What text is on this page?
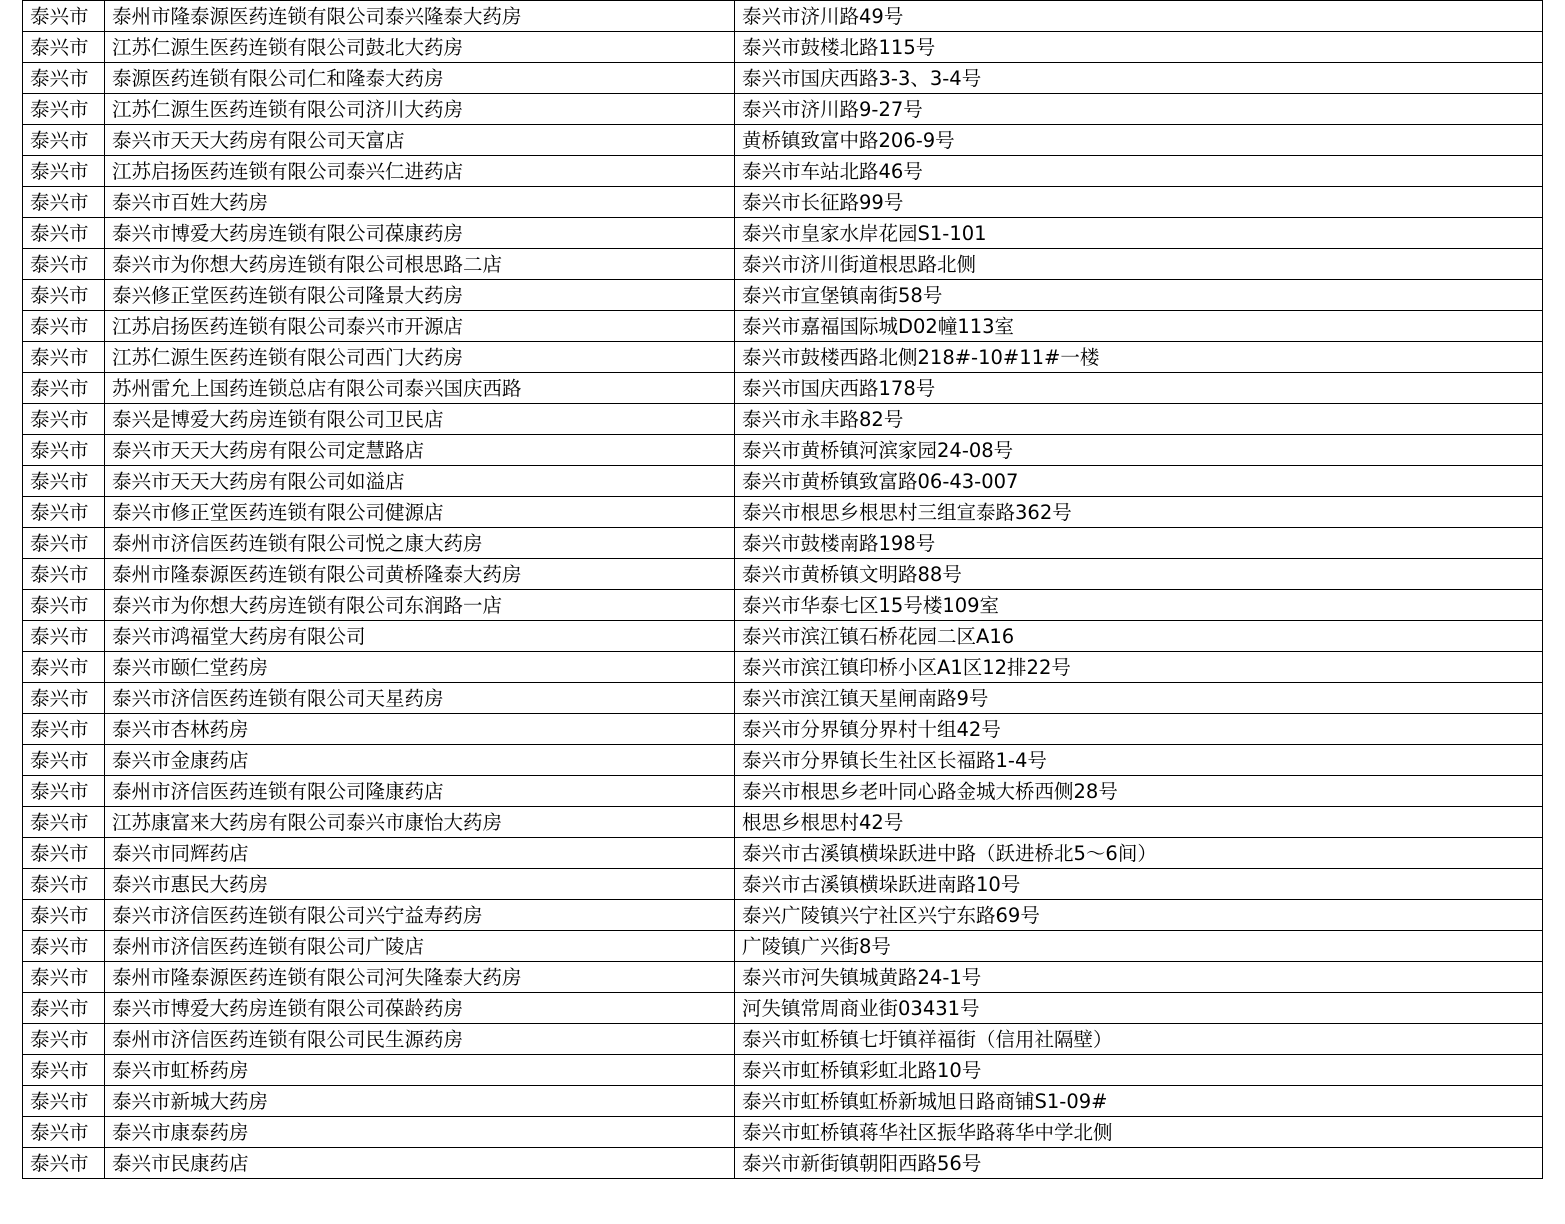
泰兴市	泰州市隆泰源医药连锁有限公司泰兴隆泰大药房	泰兴市济川路49号
泰兴市	江苏仁源生医药连锁有限公司鼓北大药房	泰兴市鼓楼北路115号
泰兴市	泰源医药连锁有限公司仁和隆泰大药房	泰兴市国庆西路3-3、3-4号
泰兴市	江苏仁源生医药连锁有限公司济川大药房	泰兴市济川路9-27号
泰兴市	泰兴市天天大药房有限公司天富店	黄桥镇致富中路206-9号
泰兴市	江苏启扬医药连锁有限公司泰兴仁进药店	泰兴市车站北路46号
泰兴市	泰兴市百姓大药房	泰兴市长征路99号
泰兴市	泰兴市博爱大药房连锁有限公司葆康药房	泰兴市皇家水岸花园S1-101
泰兴市	泰兴市为你想大药房连锁有限公司根思路二店	泰兴市济川街道根思路北侧
泰兴市	泰兴修正堂医药连锁有限公司隆景大药房	泰兴市宣堡镇南街58号
泰兴市	江苏启扬医药连锁有限公司泰兴市开源店	泰兴市嘉福国际城D02幢113室
泰兴市	江苏仁源生医药连锁有限公司西门大药房	泰兴市鼓楼西路北侧218#-10#11#一楼
泰兴市	苏州雷允上国药连锁总店有限公司泰兴国庆西路	泰兴市国庆西路178号
泰兴市	泰兴是博爱大药房连锁有限公司卫民店	泰兴市永丰路82号
泰兴市	泰兴市天天大药房有限公司定慧路店	泰兴市黄桥镇河滨家园24-08号
泰兴市	泰兴市天天大药房有限公司如溢店	泰兴市黄桥镇致富路06-43-007
泰兴市	泰兴市修正堂医药连锁有限公司健源店	泰兴市根思乡根思村三组宣泰路362号
泰兴市	泰州市济信医药连锁有限公司悦之康大药房	泰兴市鼓楼南路198号
泰兴市	泰州市隆泰源医药连锁有限公司黄桥隆泰大药房	泰兴市黄桥镇文明路88号
泰兴市	泰兴市为你想大药房连锁有限公司东润路一店	泰兴市华泰七区15号楼109室
泰兴市	泰兴市鸿福堂大药房有限公司	泰兴市滨江镇石桥花园二区A16
泰兴市	泰兴市颐仁堂药房	泰兴市滨江镇印桥小区A1区12排22号
泰兴市	泰兴市济信医药连锁有限公司天星药房	泰兴市滨江镇天星闸南路9号
泰兴市	泰兴市杏林药房	泰兴市分界镇分界村十组42号
泰兴市	泰兴市金康药店	泰兴市分界镇长生社区长福路1-4号
泰兴市	泰州市济信医药连锁有限公司隆康药店	泰兴市根思乡老叶同心路金城大桥西侧28号
泰兴市	江苏康富来大药房有限公司泰兴市康怡大药房	根思乡根思村42号
泰兴市	泰兴市同辉药店	泰兴市古溪镇横垛跃进中路（跃进桥北5～6间）
泰兴市	泰兴市惠民大药房	泰兴市古溪镇横垛跃进南路10号
泰兴市	泰兴市济信医药连锁有限公司兴宁益寿药房	泰兴广陵镇兴宁社区兴宁东路69号
泰兴市	泰州市济信医药连锁有限公司广陵店	广陵镇广兴街8号
泰兴市	泰州市隆泰源医药连锁有限公司河失隆泰大药房	泰兴市河失镇城黄路24-1号
泰兴市	泰兴市博爱大药房连锁有限公司葆龄药房	河失镇常周商业街03431号
泰兴市	泰州市济信医药连锁有限公司民生源药房	泰兴市虹桥镇七圩镇祥福街（信用社隔壁）
泰兴市	泰兴市虹桥药房	泰兴市虹桥镇彩虹北路10号
泰兴市	泰兴市新城大药房	泰兴市虹桥镇虹桥新城旭日路商铺S1-09#
泰兴市	泰兴市康泰药房	泰兴市虹桥镇蒋华社区振华路蒋华中学北侧
泰兴市	泰兴市民康药店	泰兴市新街镇朝阳西路56号
